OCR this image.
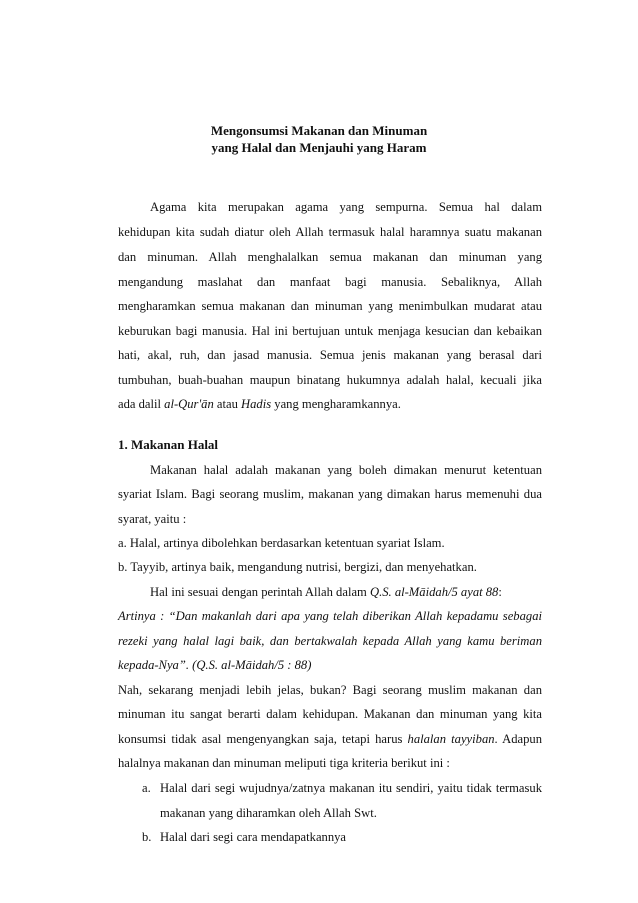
Mengonsumsi Makanan dan Minuman
yang Halal dan Menjauhi yang Haram
Agama kita merupakan agama yang sempurna. Semua hal dalam
kehidupan kita sudah diatur oleh Allah termasuk halal haramnya suatu makanan
dan minuman. Allah menghalalkan semua makanan dan minuman yang
mengandung maslahat dan manfaat bagi manusia. Sebaliknya, Allah
mengharamkan semua makanan dan minuman yang menimbulkan mudarat atau
keburukan bagi manusia. Hal ini bertujuan untuk menjaga kesucian dan kebaikan
hati, akal, ruh, dan jasad manusia. Semua jenis makanan yang berasal dari
tumbuhan, buah-buahan maupun binatang hukumnya adalah halal, kecuali jika
ada dalil al-Qur'ān atau Hadis yang mengharamkannya.
1. Makanan Halal
Makanan halal adalah makanan yang boleh dimakan menurut ketentuan
syariat Islam. Bagi seorang muslim, makanan yang dimakan harus memenuhi dua
syarat, yaitu :
a. Halal, artinya dibolehkan berdasarkan ketentuan syariat Islam.
b. Tayyib, artinya baik, mengandung nutrisi, bergizi, dan menyehatkan.
Hal ini sesuai dengan perintah Allah dalam Q.S. al-Māidah/5 ayat 88:
Artinya : “Dan makanlah dari apa yang telah diberikan Allah kepadamu sebagai
rezeki yang halal lagi baik, dan bertakwalah kepada Allah yang kamu beriman
kepada-Nya”. (Q.S. al-Māidah/5 : 88)
Nah, sekarang menjadi lebih jelas, bukan? Bagi seorang muslim makanan dan
minuman itu sangat berarti dalam kehidupan. Makanan dan minuman yang kita
konsumsi tidak asal mengenyangkan saja, tetapi harus halalan tayyiban. Adapun
halalnya makanan dan minuman meliputi tiga kriteria berikut ini :
a. Halal dari segi wujudnya/zatnya makanan itu sendiri, yaitu tidak termasuk
makanan yang diharamkan oleh Allah Swt.
b. Halal dari segi cara mendapatkannya
